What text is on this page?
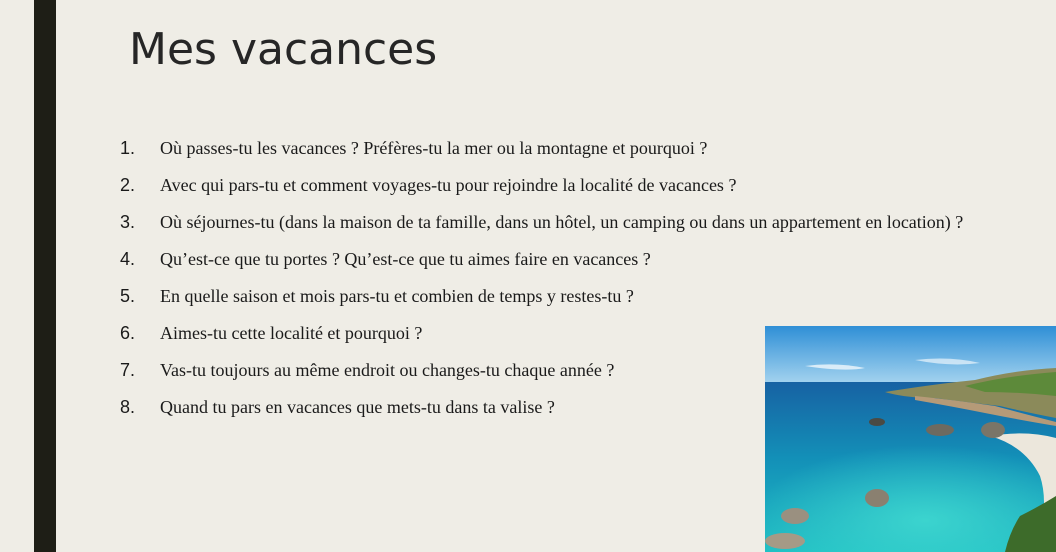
Mes vacances
1. Où passes-tu les vacances ? Préfères-tu la mer ou la montagne et pourquoi ?
2. Avec qui pars-tu et comment voyages-tu pour rejoindre la localité de vacances ?
3. Où séjournes-tu (dans la maison de ta famille, dans un hôtel, un camping ou dans un appartement en location) ?
4. Qu’est-ce que tu portes ? Qu’est-ce que tu aimes faire en vacances ?
5. En quelle saison et mois pars-tu et combien de temps y restes-tu ?
6. Aimes-tu cette localité et pourquoi ?
7. Vas-tu toujours au même endroit ou changes-tu chaque année ?
8. Quand tu pars en vacances que mets-tu dans ta valise ?
